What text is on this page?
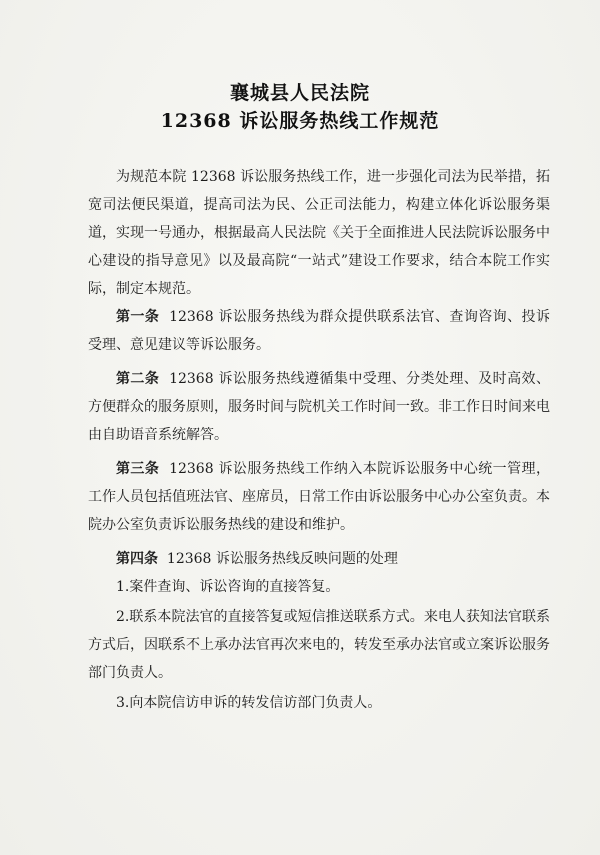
襄城县人民法院
12368 诉讼服务热线工作规范

为规范本院 12368 诉讼服务热线工作，进一步强化司法为民举措，拓宽司法便民渠道，提高司法为民、公正司法能力，构建立体化诉讼服务渠道，实现一号通办，根据最高人民法院《关于全面推进人民法院诉讼服务中心建设的指导意见》以及最高院“一站式”建设工作要求，结合本院工作实际，制定本规范。

第一条 12368 诉讼服务热线为群众提供联系法官、查询咨询、投诉受理、意见建议等诉讼服务。

第二条 12368 诉讼服务热线遵循集中受理、分类处理、及时高效、方便群众的服务原则，服务时间与院机关工作时间一致。非工作日时间来电由自助语音系统解答。

第三条 12368 诉讼服务热线工作纳入本院诉讼服务中心统一管理，工作人员包括值班法官、座席员，日常工作由诉讼服务中心办公室负责。本院办公室负责诉讼服务热线的建设和维护。

第四条 12368 诉讼服务热线反映问题的处理

1.案件查询、诉讼咨询的直接答复。

2.联系本院法官的直接答复或短信推送联系方式。来电人获知法官联系方式后，因联系不上承办法官再次来电的，转发至承办法官或立案诉讼服务部门负责人。

3.向本院信访申诉的转发信访部门负责人。
